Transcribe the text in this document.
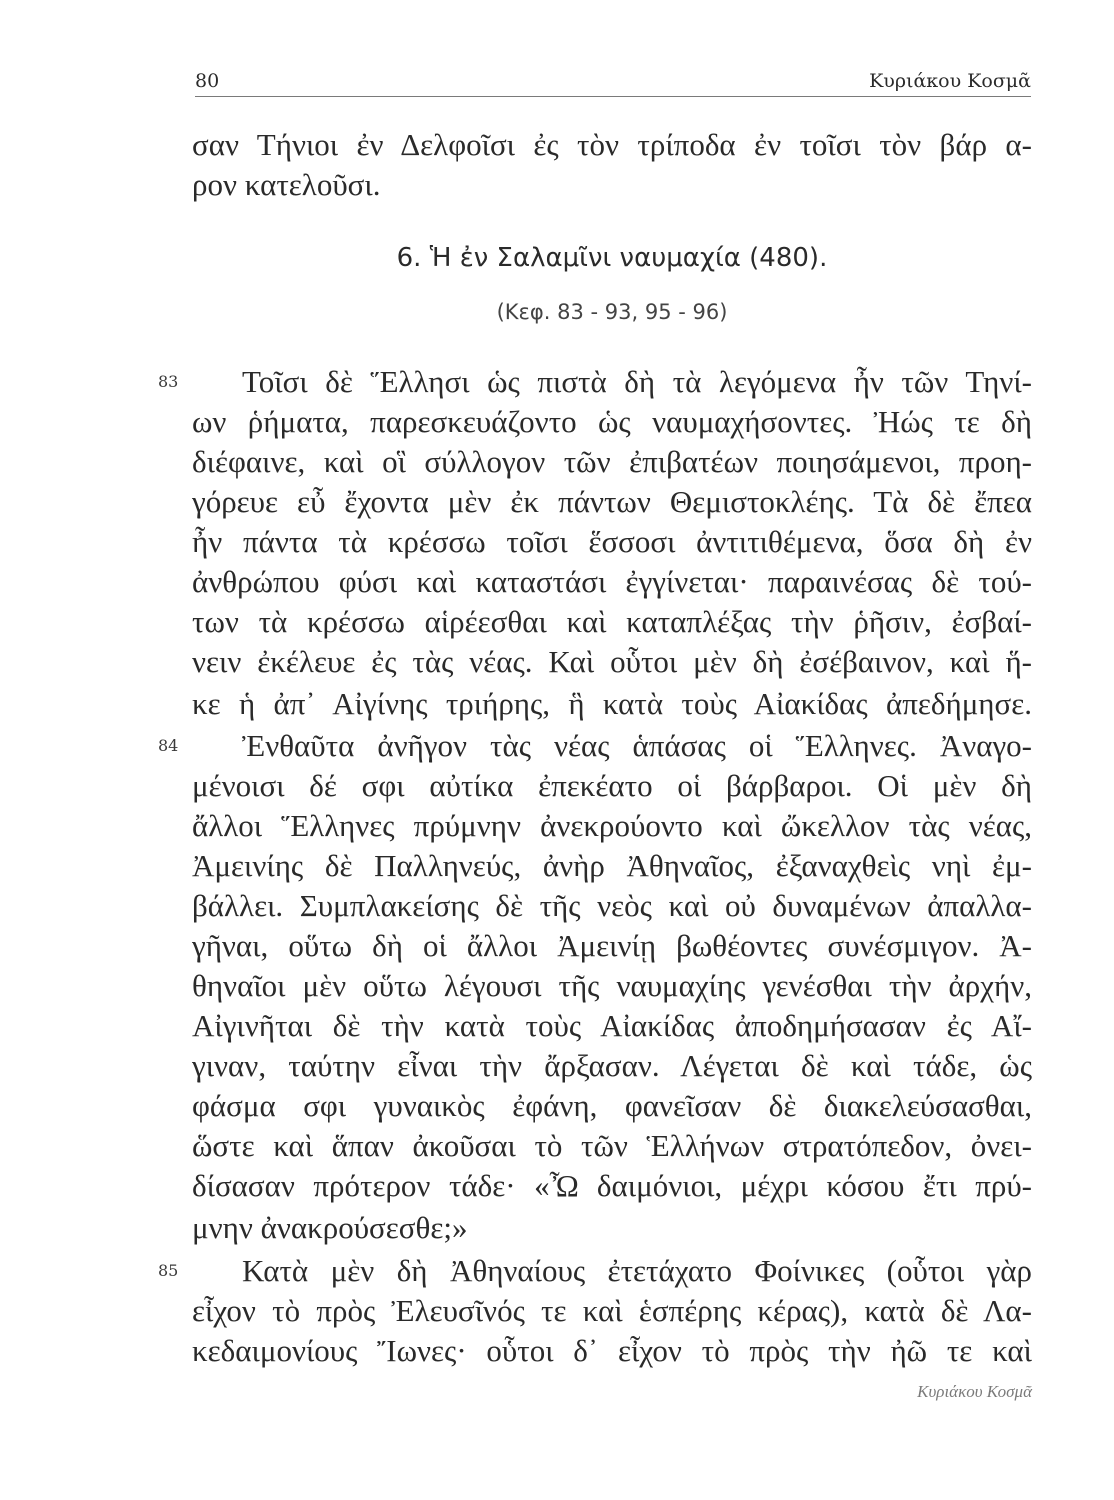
80	Κυριάκου Κοσμᾶ
σαν Τήνιοι ἐν Δελφοῖσι ἐς τὸν τρίποδα ἐν τοῖσι τὸν βάρ α-
ρον κατελοῦσι.
6. Ἡ ἐν Σαλαμῖνι ναυμαχία (480).
(Κεφ. 83 - 93, 95 - 96)
83
84
85
Τοῖσι δὲ Ἕλλησι ὡς πιστὰ δὴ τὰ λεγόμενα ἦν τῶν Τηνί-
ων ῥήματα, παρεσκευάζοντο ὡς ναυμαχήσοντες. Ἠώς τε δὴ
διέφαινε, καὶ οἳ σύλλογον τῶν ἐπιβατέων ποιησάμενοι, προη-
γόρευε εὖ ἔχοντα μὲν ἐκ πάντων Θεμιστοκλέης. Τὰ δὲ ἔπεα
ἦν πάντα τὰ κρέσσω τοῖσι ἕσσοσι ἀντιτιθέμενα, ὅσα δὴ ἐν
ἀνθρώπου φύσι καὶ καταστάσι ἐγγίνεται· παραινέσας δὲ τού-
των τὰ κρέσσω αἱρέεσθαι καὶ καταπλέξας τὴν ῥῆσιν, ἐσβαί-
νειν ἐκέλευε ἐς τὰς νέας. Καὶ οὗτοι μὲν δὴ ἐσέβαινον, καὶ ἥ-
κε ἡ ἀπ᾽ Αἰγίνης τριήρης, ἣ κατὰ τοὺς Αἰακίδας ἀπεδήμησε.
Ἐνθαῦτα ἀνῆγον τὰς νέας ἁπάσας οἱ Ἕλληνες. Ἀναγο-
μένοισι δέ σφι αὐτίκα ἐπεκέατο οἱ βάρβαροι. Οἱ μὲν δὴ
ἄλλοι Ἕλληνες πρύμνην ἀνεκρούοντο καὶ ὤκελλον τὰς νέας,
Ἀμεινίης δὲ Παλληνεύς, ἀνὴρ Ἀθηναῖος, ἐξαναχθεὶς νηὶ ἐμ-
βάλλει. Συμπλακείσης δὲ τῆς νεὸς καὶ οὐ δυναμένων ἀπαλλα-
γῆναι, οὕτω δὴ οἱ ἄλλοι Ἀμεινίῃ βωθέοντες συνέσμιγον. Ἀ-
θηναῖοι μὲν οὕτω λέγουσι τῆς ναυμαχίης γενέσθαι τὴν ἀρχήν,
Αἰγινῆται δὲ τὴν κατὰ τοὺς Αἰακίδας ἀποδημήσασαν ἐς Αἴ-
γιναν, ταύτην εἶναι τὴν ἄρξασαν. Λέγεται δὲ καὶ τάδε, ὡς
φάσμα σφι γυναικὸς ἐφάνη, φανεῖσαν δὲ διακελεύσασθαι,
ὥστε καὶ ἅπαν ἀκοῦσαι τὸ τῶν Ἑλλήνων στρατόπεδον, ὀνει-
δίσασαν πρότερον τάδε· «Ὦ δαιμόνιοι, μέχρι κόσου ἔτι πρύ-
μνην ἀνακρούσεσθε;»
Κατὰ μὲν δὴ Ἀθηναίους ἐτετάχατο Φοίνικες (οὗτοι γὰρ
εἶχον τὸ πρὸς Ἐλευσῖνός τε καὶ ἑσπέρης κέρας), κατὰ δὲ Λα-
κεδαιμονίους Ἴωνες· οὗτοι δ᾽ εἶχον τὸ πρὸς τὴν ἠῶ τε καὶ
Κυριάκου Κοσμᾶ
